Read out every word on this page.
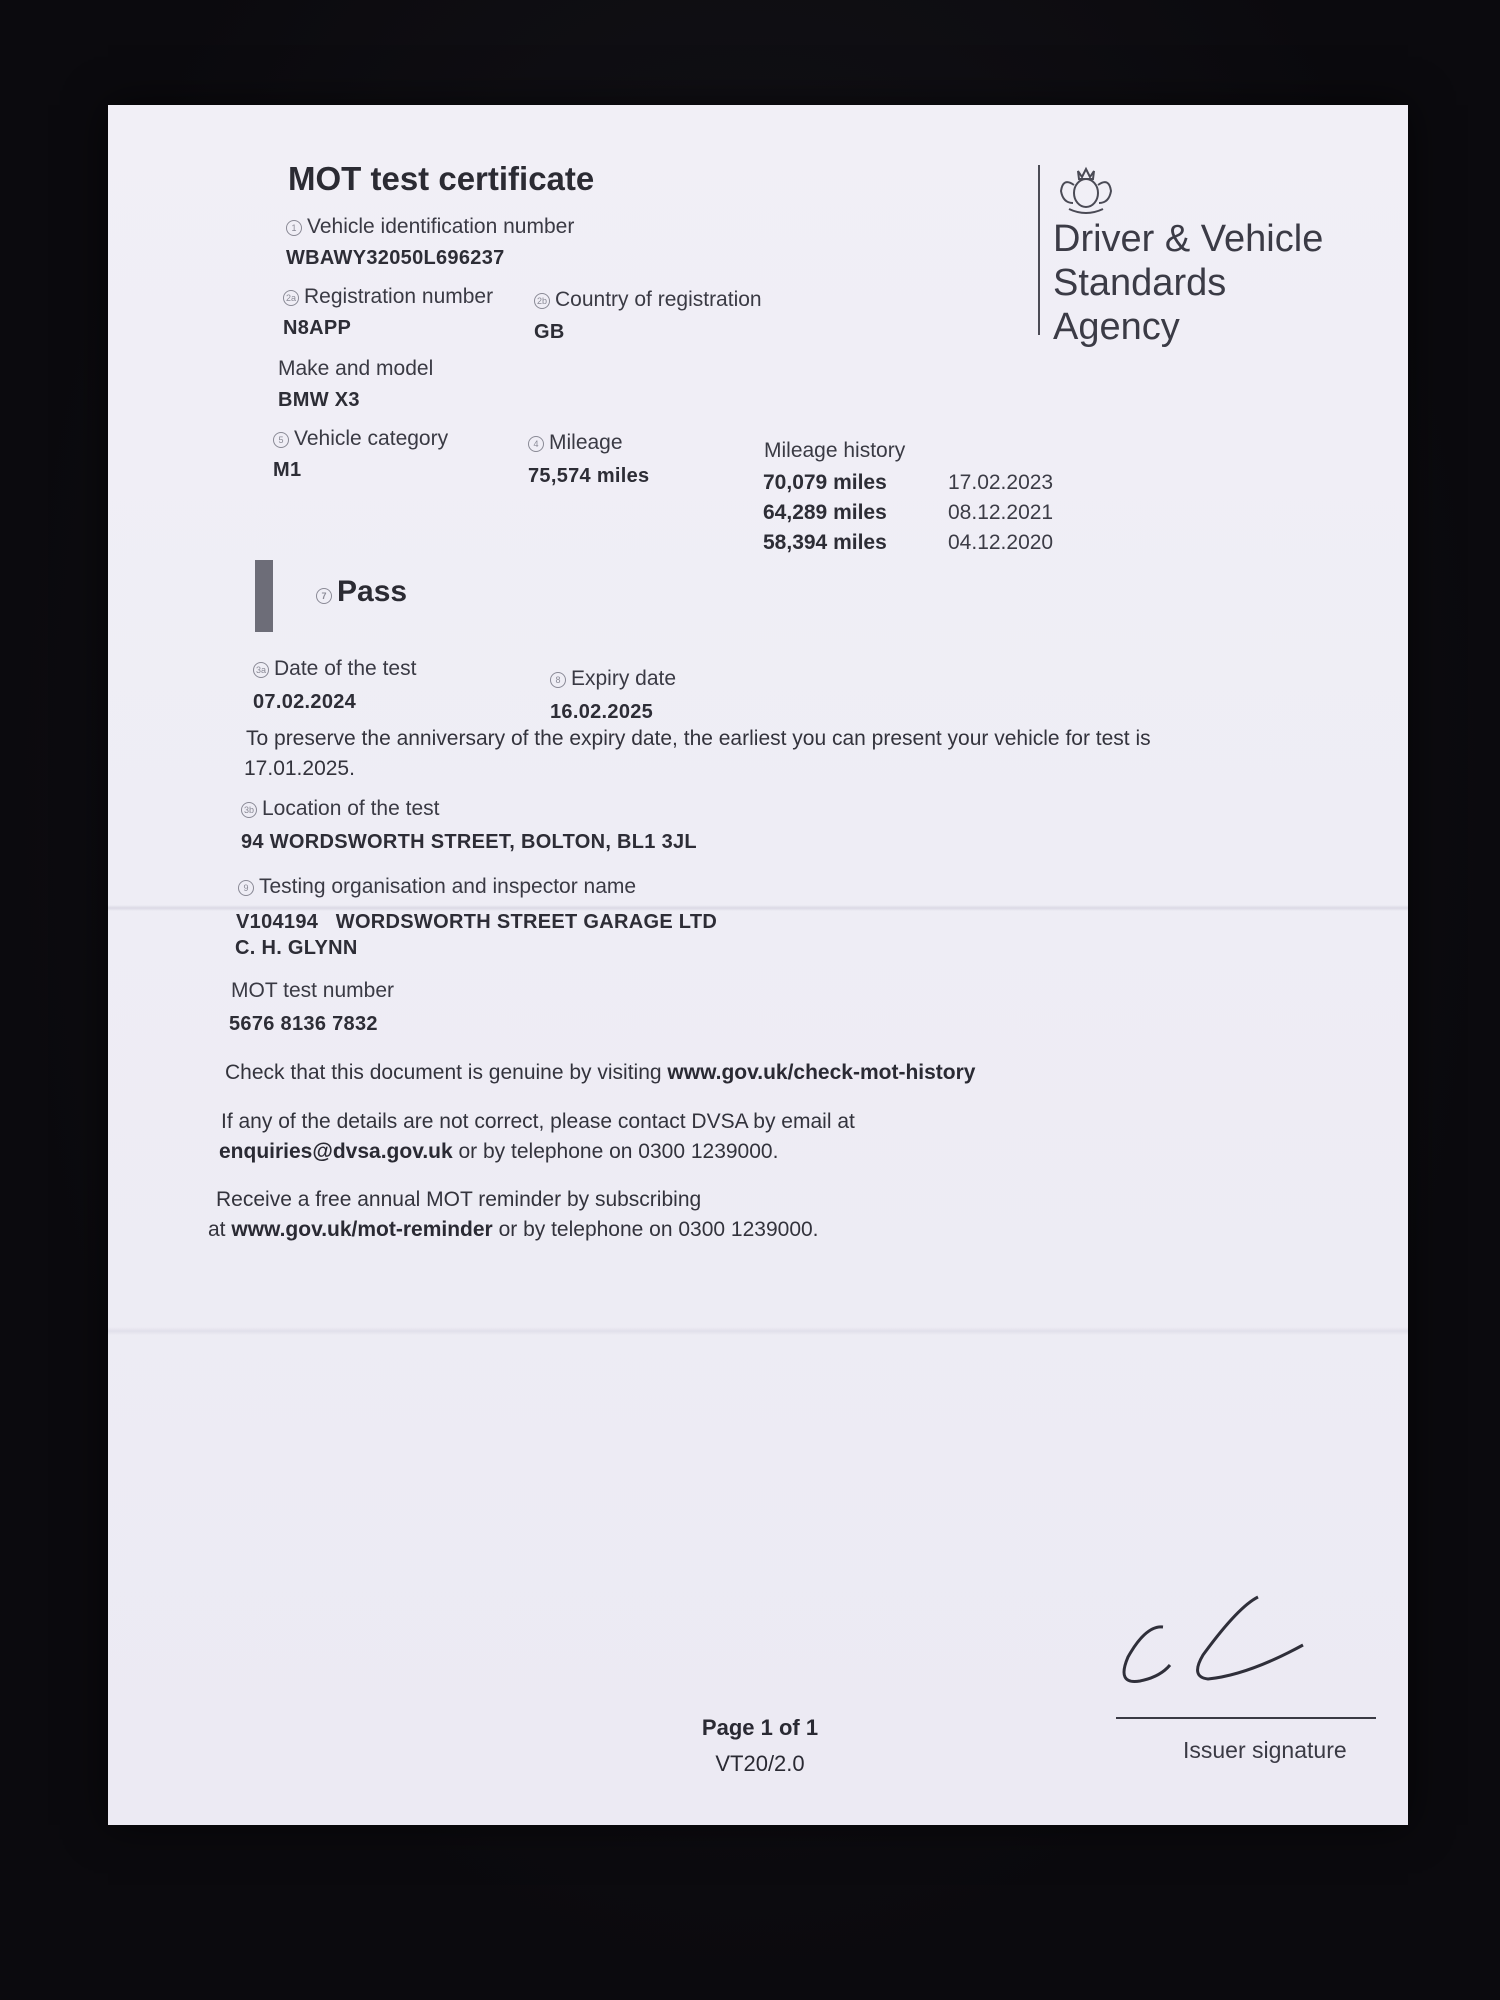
MOT test certificate
Driver & Vehicle
Standards
Agency
1 Vehicle identification number
WBAWY32050L696237
2a Registration number
N8APP
2b Country of registration
GB
Make and model
BMW X3
5 Vehicle category
M1
4 Mileage
75,574 miles
Mileage history
70,079 miles	17.02.2023
64,289 miles	08.12.2021
58,394 miles	04.12.2020
7 Pass
3a Date of the test
07.02.2024
8 Expiry date
16.02.2025
To preserve the anniversary of the expiry date, the earliest you can present your vehicle for test is
17.01.2025.
3b Location of the test
94 WORDSWORTH STREET, BOLTON, BL1 3JL
9 Testing organisation and inspector name
V104194 WORDSWORTH STREET GARAGE LTD
C. H. GLYNN
MOT test number
5676 8136 7832
Check that this document is genuine by visiting www.gov.uk/check-mot-history
If any of the details are not correct, please contact DVSA by email at
enquiries@dvsa.gov.uk or by telephone on 0300 1239000.
Receive a free annual MOT reminder by subscribing
at www.gov.uk/mot-reminder or by telephone on 0300 1239000.
Issuer signature
Page 1 of 1
VT20/2.0
